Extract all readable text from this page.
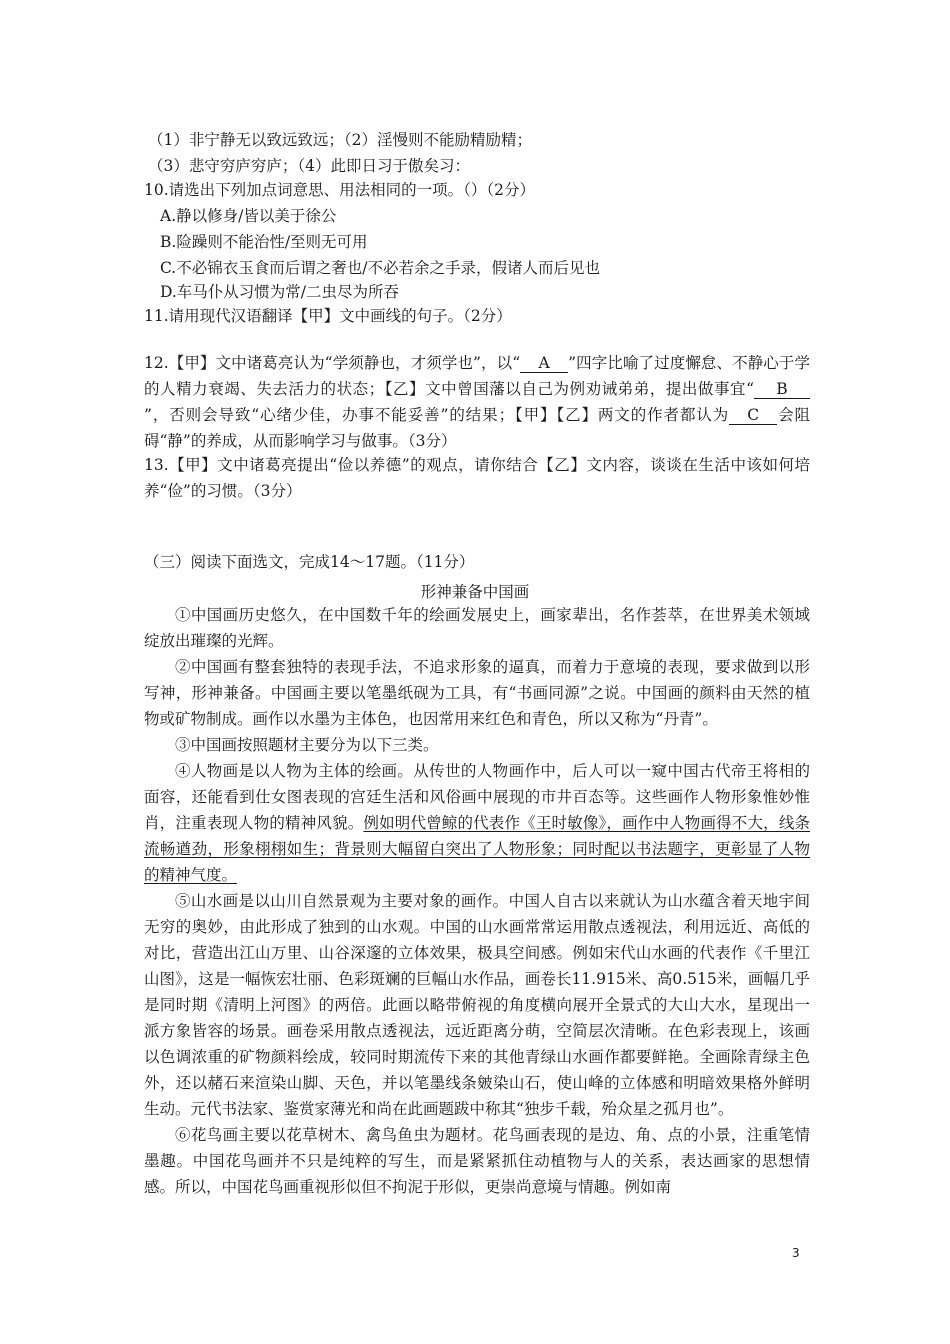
（1）非宁静无以致远致远；（2）淫慢则不能励精励精；
（3）悲守穷庐穷庐；（4）此即日习于傲矣习：
10.请选出下列加点词意思、用法相同的一项。（）（2分）
A.静以修身/皆以美于徐公
B.险躁则不能治性/至则无可用
C.不必锦衣玉食而后谓之奢也/不必若余之手录，假诸人而后见也
D.车马仆从习惯为常/二虫尽为所吞
11.请用现代汉语翻译【甲】文中画线的句子。（2分）

12.【甲】文中诸葛亮认为“学须静也，才须学也”，以“ A ”四字比喻了过度懈怠、不静心于学的人精力衰竭、失去活力的状态；【乙】文中曾国藩以自己为例劝诫弟弟，提出做事宜“ B”，否则会导致“心绪少佳，办事不能妥善”的结果；【甲】【乙】两文的作者都认为 C 会阻碍“静”的养成，从而影响学习与做事。（3分）

13.【甲】文中诸葛亮提出“俭以养德”的观点，请你结合【乙】文内容，谈谈在生活中该如何培养“俭”的习惯。（3分）

（三）阅读下面选文，完成14～17题。（11分）
形神兼备中国画

①中国画历史悠久，在中国数千年的绘画发展史上，画家辈出，名作荟萃，在世界美术领域绽放出璀璨的光辉。

②中国画有整套独特的表现手法，不追求形象的逼真，而着力于意境的表现，要求做到以形写神，形神兼备。中国画主要以笔墨纸砚为工具，有“书画同源”之说。中国画的颜料由天然的植物或矿物制成。画作以水墨为主体色，也因常用来红色和青色，所以又称为“丹青”。

③中国画按照题材主要分为以下三类。

④人物画是以人物为主体的绘画。从传世的人物画作中，后人可以一窥中国古代帝王将相的面容，还能看到仕女图表现的宫廷生活和风俗画中展现的市井百态等。这些画作人物形象惟妙惟肖，注重表现人物的精神风貌。例如明代曾鲸的代表作《王时敏像》，画作中人物画得不大，线条流畅遒劲，形象栩栩如生；背景则大幅留白突出了人物形象；同时配以书法题字，更彰显了人物的精神气度。

⑤山水画是以山川自然景观为主要对象的画作。中国人自古以来就认为山水蕴含着天地宇间无穷的奥妙，由此形成了独到的山水观。中国的山水画常常运用散点透视法，利用远近、高低的对比，营造出江山万里、山谷深邃的立体效果，极具空间感。例如宋代山水画的代表作《千里江山图》，这是一幅恢宏壮丽、色彩斑斓的巨幅山水作品，画卷长11.915米、高0.515米，画幅几乎是同时期《清明上河图》的两倍。此画以略带俯视的角度横向展开全景式的大山大水，星现出一派方象皆容的场景。画卷采用散点透视法，远近距离分萌，空简层次清晰。在色彩表现上，该画以色调浓重的矿物颜料绘成，较同时期流传下来的其他青绿山水画作都要鲜艳。全画除青绿主色外，还以赭石来渲染山脚、天色，并以笔墨线条皴染山石，使山峰的立体感和明暗效果格外鲜明生动。元代书法家、鉴赏家薄光和尚在此画题跋中称其“独步千载，殆众星之孤月也”。

⑥花鸟画主要以花草树木、禽鸟鱼虫为题材。花鸟画表现的是边、角、点的小景，注重笔情墨趣。中国花鸟画并不只是纯粹的写生，而是紧紧抓住动植物与人的关系，表达画家的思想情感。所以，中国花鸟画重视形似但不拘泥于形似，更崇尚意境与情趣。例如南

3
